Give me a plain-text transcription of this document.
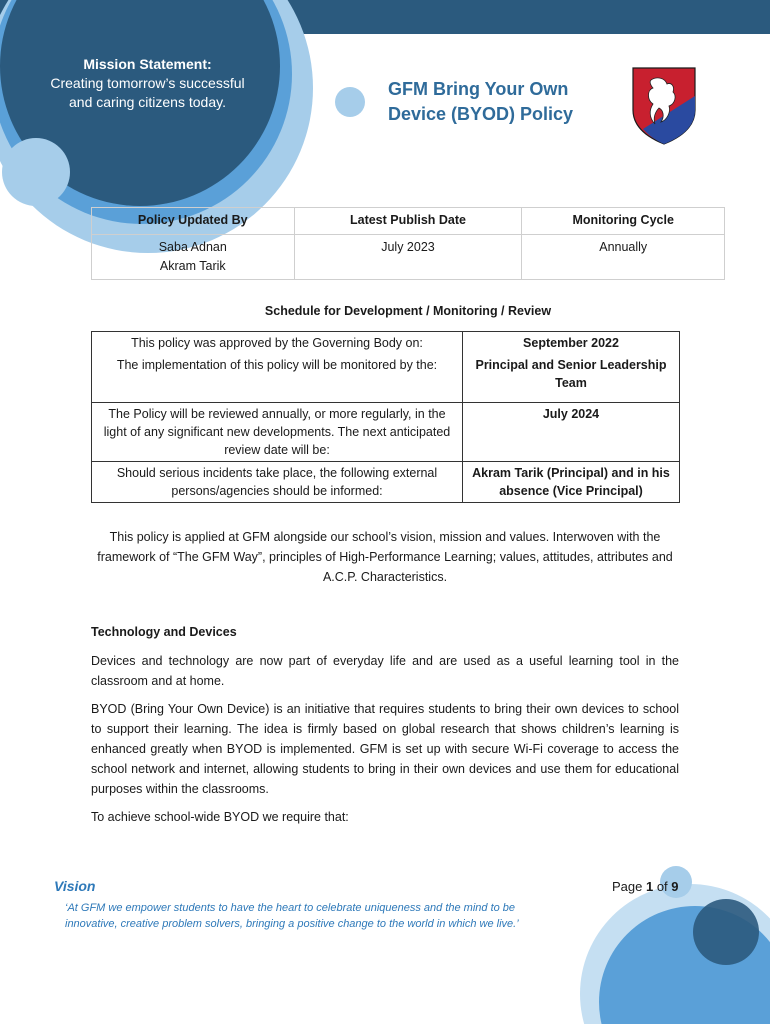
Mission Statement:
Creating tomorrow’s successful
and caring citizens today.
GFM Bring Your Own
Device (BYOD) Policy
Policy Updated By	Latest Publish Date	Monitoring Cycle

Saba Adnan
Akram Tarik	July 2023	Annually
Schedule for Development / Monitoring / Review
This policy was approved by the Governing Body on:	September 2022
The implementation of this policy will be monitored by the:	Principal and Senior Leadership Team
The Policy will be reviewed annually, or more regularly, in the light of any significant new developments. The next anticipated review date will be:	July 2024
Should serious incidents take place, the following external persons/agencies should be informed:	Akram Tarik (Principal) and in his absence (Vice Principal)
This policy is applied at GFM alongside our school’s vision, mission and values. Interwoven with the framework of “The GFM Way”, principles of High-Performance Learning; values, attitudes, attributes and A.C.P. Characteristics.
Technology and Devices

Devices and technology are now part of everyday life and are used as a useful learning tool in the classroom and at home.

BYOD (Bring Your Own Device) is an initiative that requires students to bring their own devices to school to support their learning. The idea is firmly based on global research that shows children’s learning is enhanced greatly when BYOD is implemented. GFM is set up with secure Wi-Fi coverage to access the school network and internet, allowing students to bring in their own devices and use them for educational purposes within the classrooms.

To achieve school-wide BYOD we require that:

Vision
‘At GFM we empower students to have the heart to celebrate uniqueness and the mind to be innovative, creative problem solvers, bringing a positive change to the world in which we live.’
Page 1 of 9
